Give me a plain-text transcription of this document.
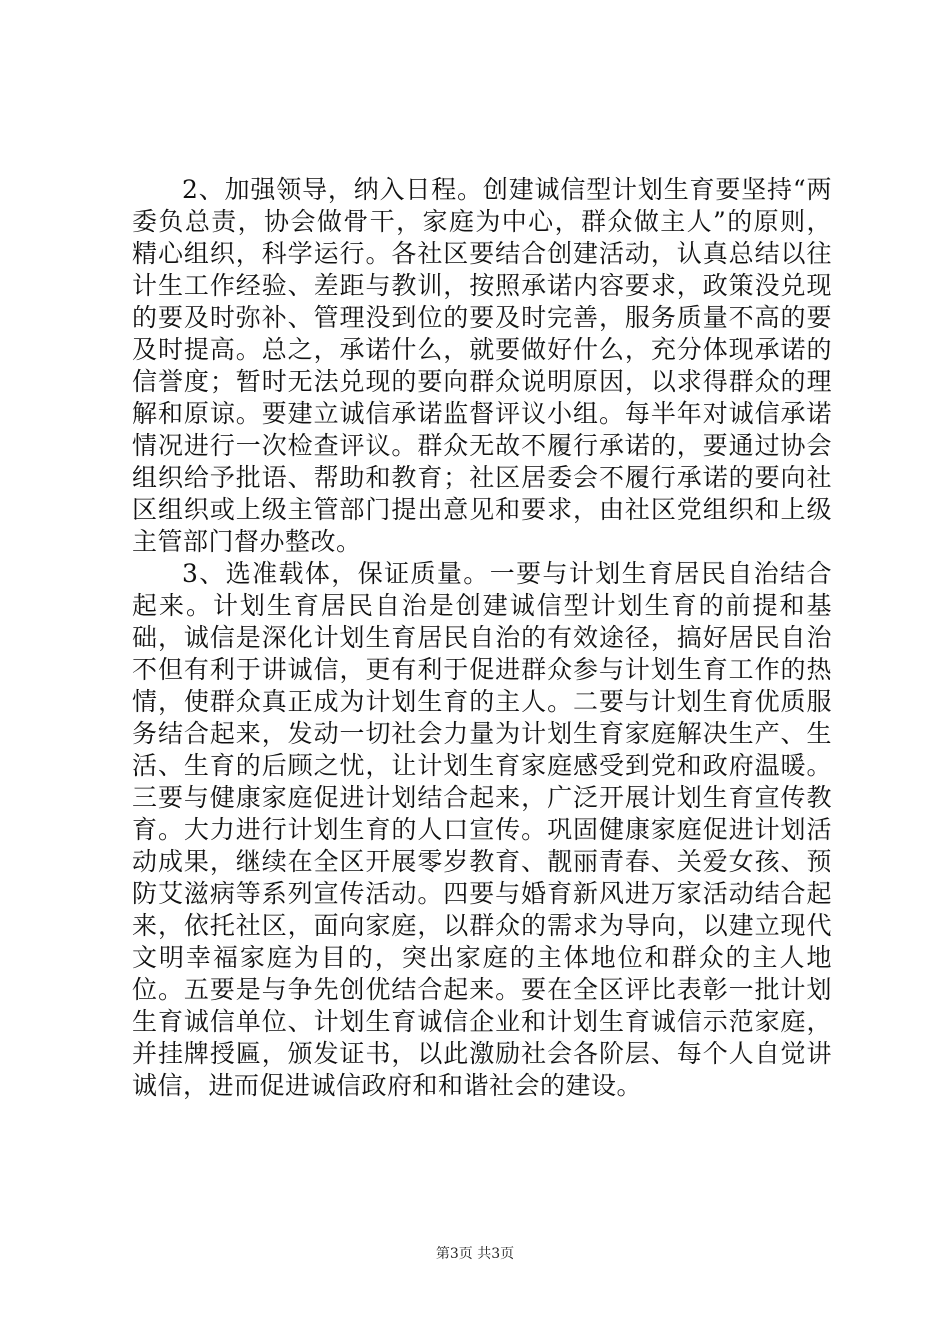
2、加强领导，纳入日程。创建诚信型计划生育要坚持“两委负总责，协会做骨干，家庭为中心，群众做主人”的原则，精心组织，科学运行。各社区要结合创建活动，认真总结以往计生工作经验、差距与教训，按照承诺内容要求，政策没兑现的要及时弥补、管理没到位的要及时完善，服务质量不高的要及时提高。总之，承诺什么，就要做好什么，充分体现承诺的信誉度；暂时无法兑现的要向群众说明原因，以求得群众的理解和原谅。要建立诚信承诺监督评议小组。每半年对诚信承诺情况进行一次检查评议。群众无故不履行承诺的，要通过协会组织给予批语、帮助和教育；社区居委会不履行承诺的要向社区组织或上级主管部门提出意见和要求，由社区党组织和上级主管部门督办整改。

3、选准载体，保证质量。一要与计划生育居民自治结合起来。计划生育居民自治是创建诚信型计划生育的前提和基础，诚信是深化计划生育居民自治的有效途径，搞好居民自治不但有利于讲诚信，更有利于促进群众参与计划生育工作的热情，使群众真正成为计划生育的主人。二要与计划生育优质服务结合起来，发动一切社会力量为计划生育家庭解决生产、生活、生育的后顾之忧，让计划生育家庭感受到党和政府温暖。三要与健康家庭促进计划结合起来，广泛开展计划生育宣传教育。大力进行计划生育的人口宣传。巩固健康家庭促进计划活动成果，继续在全区开展零岁教育、靓丽青春、关爱女孩、预防艾滋病等系列宣传活动。四要与婚育新风进万家活动结合起来，依托社区，面向家庭，以群众的需求为导向，以建立现代文明幸福家庭为目的，突出家庭的主体地位和群众的主人地位。五要是与争先创优结合起来。要在全区评比表彰一批计划生育诚信单位、计划生育诚信企业和计划生育诚信示范家庭，并挂牌授匾，颁发证书，以此激励社会各阶层、每个人自觉讲诚信，进而促进诚信政府和和谐社会的建设。

第3页 共3页
